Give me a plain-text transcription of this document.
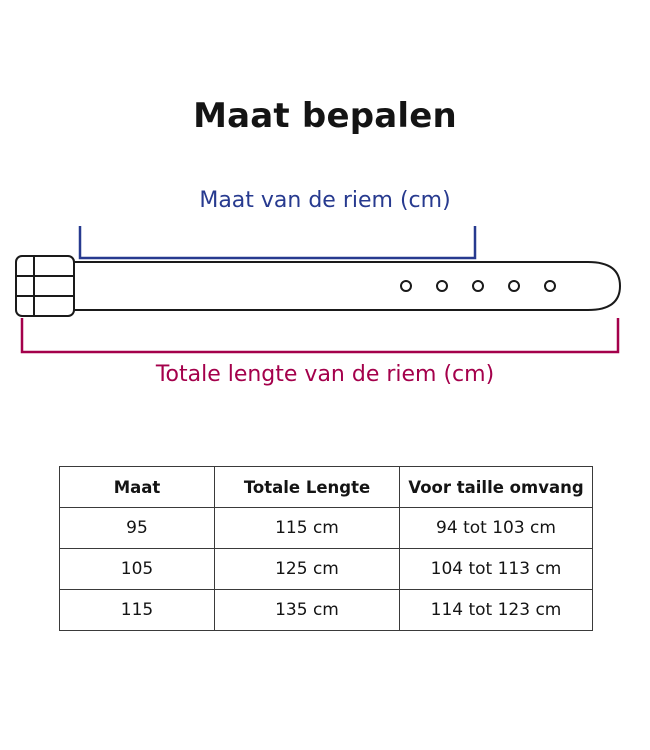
Maat bepalen
Maat van de riem (cm)
Totale lengte van de riem (cm)
Maat	Totale Lengte	Voor taille omvang
95	115 cm	94 tot 103 cm
105	125 cm	104 tot 113 cm
115	135 cm	114 tot 123 cm
